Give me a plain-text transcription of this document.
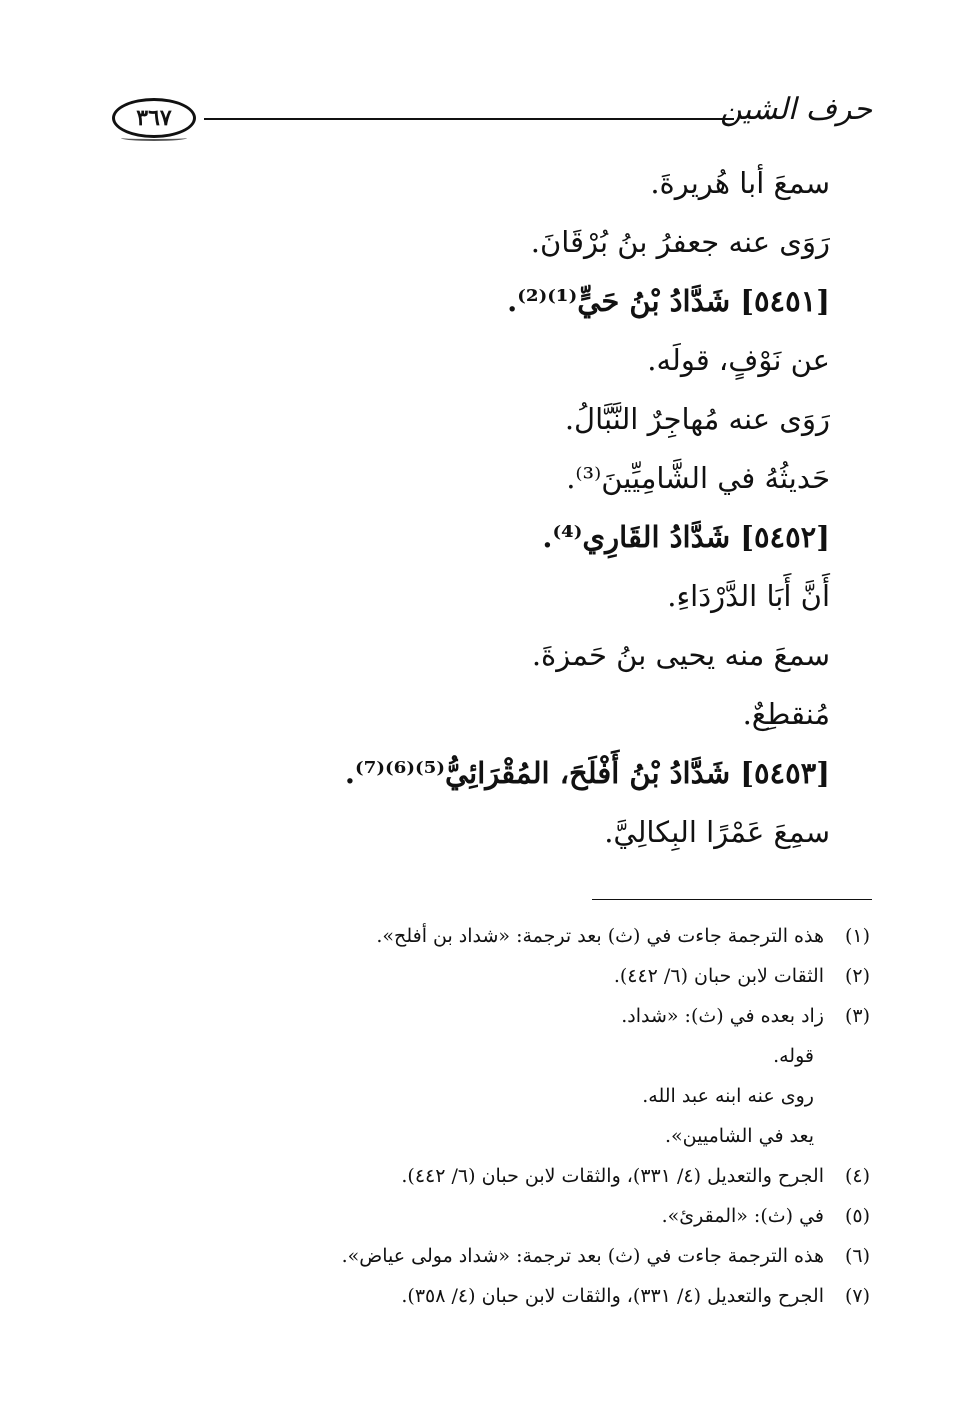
٣٦٧	حرف الشين
سمعَ أبا هُريرةَ.
رَوَى عنه جعفرُ بنُ بُرْقَانَ.
[٥٤٥١] شَدَّادُ بْنُ حَيٍّ⁽¹⁾⁽²⁾.
عن نَوْفٍ، قولَه.
رَوَى عنه مُهاجِرٌ النَّبَّالُ.
حَديثُهُ في الشَّامِيِّينَ⁽³⁾.
[٥٤٥٢] شَدَّادُ القَارِي⁽⁴⁾.
أَنَّ أَبَا الدَّرْدَاءِ.
سمعَ منه يحيى بنُ حَمزةَ.
مُنقطِعٌ.
[٥٤٥٣] شَدَّادُ بْنُ أَفْلَحَ، المُقْرَائِيُّ⁽⁵⁾⁽⁶⁾⁽⁷⁾.
سمِعَ عَمْرًا البِكالِيَّ.
(١)
هذه الترجمة جاءت في (ث) بعد ترجمة: «شداد بن أفلح».
(٢)
الثقات لابن حبان (٦/ ٤٤٢).
(٣)
زاد بعده في (ث): «شداد.
قوله.
روى عنه ابنه عبد الله.
يعد في الشاميين».
(٤)
الجرح والتعديل (٤/ ٣٣١)، والثقات لابن حبان (٦/ ٤٤٢).
(٥)
في (ث): «المقرئ».
(٦)
هذه الترجمة جاءت في (ث) بعد ترجمة: «شداد مولى عياض».
(٧)
الجرح والتعديل (٤/ ٣٣١)، والثقات لابن حبان (٤/ ٣٥٨).
